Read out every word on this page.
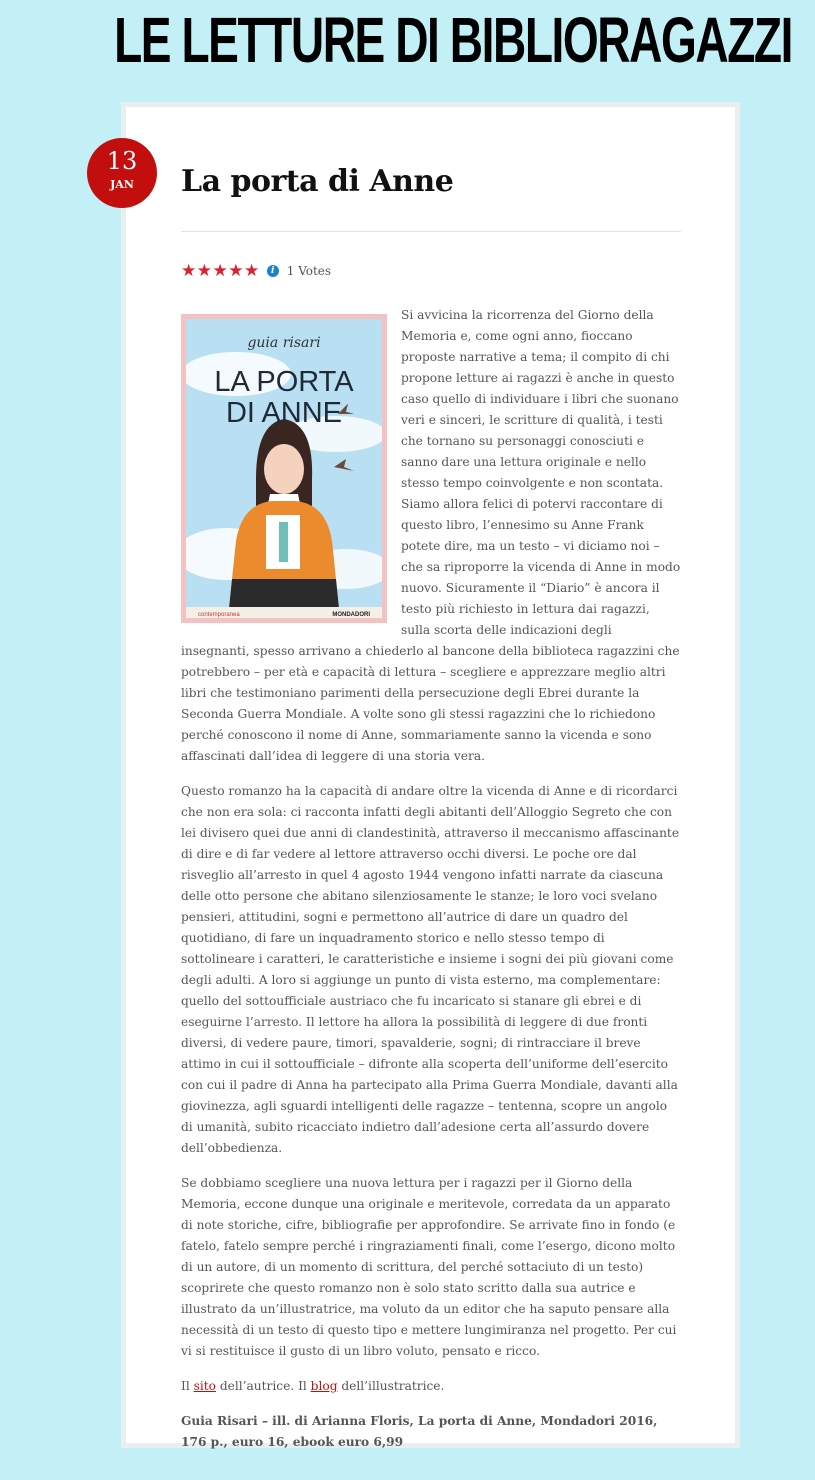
LE LETTURE DI BIBLIORAGAZZI
13
JAN	La porta di Anne
★ ★ ★ ★ ★	i	1 Votes
guia risari
LA PORTA
DI ANNE
contemporanea	MONDADORI

Si avvicina la ricorrenza del Giorno della Memoria e, come ogni anno, fioccano proposte narrative a tema; il compito di chi propone letture ai ragazzi è anche in questo caso quello di individuare i libri che suonano veri e sinceri, le scritture di qualità, i testi che tornano su personaggi conosciuti e sanno dare una lettura originale e nello stesso tempo coinvolgente e non scontata. Siamo allora felici di potervi raccontare di questo libro, l’ennesimo su Anne Frank potete dire, ma un testo – vi diciamo noi – che sa riproporre la vicenda di Anne in modo nuovo. Sicuramente il “Diario” è ancora il testo più richiesto in lettura dai ragazzi, sulla scorta delle indicazioni degli insegnanti, spesso arrivano a chiederlo al bancone della biblioteca ragazzini che potrebbero – per età e capacità di lettura – scegliere e apprezzare meglio altri libri che testimoniano parimenti della persecuzione degli Ebrei durante la Seconda Guerra Mondiale. A volte sono gli stessi ragazzini che lo richiedono perché conoscono il nome di Anne, sommariamente sanno la vicenda e sono affascinati dall’idea di leggere di una storia vera.

Questo romanzo ha la capacità di andare oltre la vicenda di Anne e di ricordarci che non era sola: ci racconta infatti degli abitanti dell’Alloggio Segreto che con lei divisero quei due anni di clandestinità, attraverso il meccanismo affascinante di dire e di far vedere al lettore attraverso occhi diversi. Le poche ore dal risveglio all’arresto in quel 4 agosto 1944 vengono infatti narrate da ciascuna delle otto persone che abitano silenziosamente le stanze; le loro voci svelano pensieri, attitudini, sogni e permettono all’autrice di dare un quadro del quotidiano, di fare un inquadramento storico e nello stesso tempo di sottolineare i caratteri, le caratteristiche e insieme i sogni dei più giovani come degli adulti. A loro si aggiunge un punto di vista esterno, ma complementare: quello del sottoufficiale austriaco che fu incaricato si stanare gli ebrei e di eseguirne l’arresto. Il lettore ha allora la possibilità di leggere di due fronti diversi, di vedere paure, timori, spavalderie, sogni; di rintracciare il breve attimo in cui il sottoufficiale – difronte alla scoperta dell’uniforme dell’esercito con cui il padre di Anna ha partecipato alla Prima Guerra Mondiale, davanti alla giovinezza, agli sguardi intelligenti delle ragazze – tentenna, scopre un angolo di umanità, subito ricacciato indietro dall’adesione certa all’assurdo dovere dell’obbedienza.

Se dobbiamo scegliere una nuova lettura per i ragazzi per il Giorno della Memoria, eccone dunque una originale e meritevole, corredata da un apparato di note storiche, cifre, bibliografie per approfondire. Se arrivate fino in fondo (e fatelo, fatelo sempre perché i ringraziamenti finali, come l’esergo, dicono molto di un autore, di un momento di scrittura, del perché sottaciuto di un testo) scoprirete che questo romanzo non è solo stato scritto dalla sua autrice e illustrato da un’illustratrice, ma voluto da un editor che ha saputo pensare alla necessità di un testo di questo tipo e mettere lungimiranza nel progetto. Per cui vi si restituisce il gusto di un libro voluto, pensato e ricco.

Il sito dell’autrice. Il blog dell’illustratrice.

Guia Risari – ill. di Arianna Floris, La porta di Anne, Mondadori 2016, 176 p., euro 16, ebook euro 6,99
